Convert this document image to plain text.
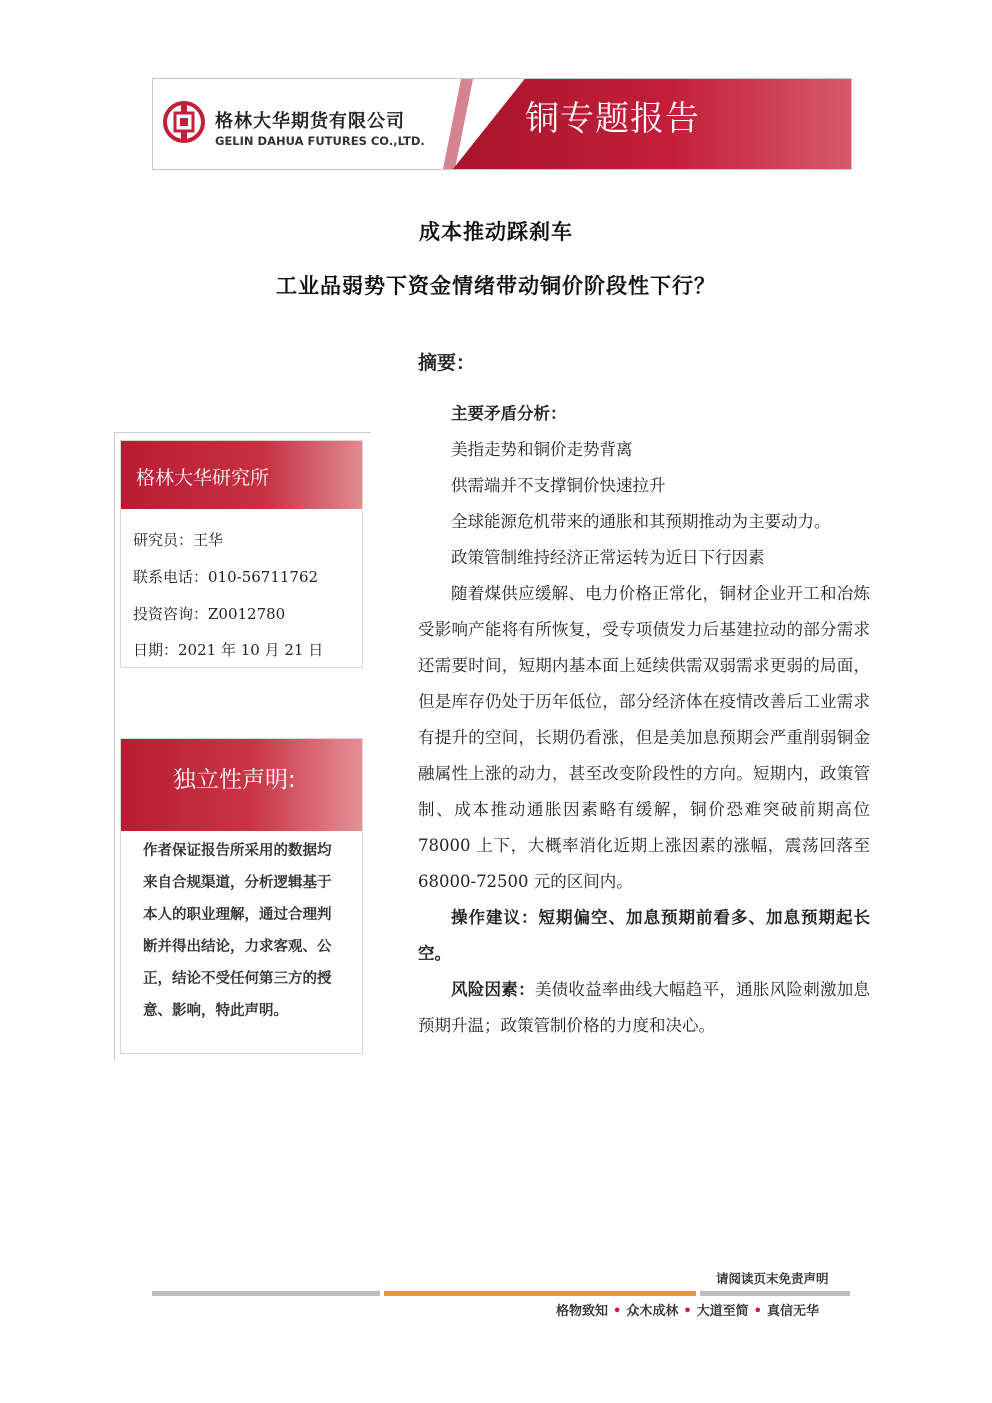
格林大华期货有限公司
GELIN DAHUA FUTURES CO.,LTD.
铜专题报告
成本推动踩刹车
工业品弱势下资金情绪带动铜价阶段性下行？
格林大华研究所
研究员：王华
联系电话：010-56711762
投资咨询：Z0012780
日期：2021 年 10 月 21 日
独立性声明:
作者保证报告所采用的数据均来自合规渠道，分析逻辑基于本人的职业理解，通过合理判断并得出结论，力求客观、公正，结论不受任何第三方的授意、影响，特此声明。
摘要：

主要矛盾分析：

美指走势和铜价走势背离

供需端并不支撑铜价快速拉升

全球能源危机带来的通胀和其预期推动为主要动力。

政策管制维持经济正常运转为近日下行因素

随着煤供应缓解、电力价格正常化，铜材企业开工和冶炼受影响产能将有所恢复，受专项债发力后基建拉动的部分需求还需要时间，短期内基本面上延续供需双弱需求更弱的局面，但是库存仍处于历年低位，部分经济体在疫情改善后工业需求有提升的空间，长期仍看涨，但是美加息预期会严重削弱铜金融属性上涨的动力，甚至改变阶段性的方向。短期内，政策管制、成本推动通胀因素略有缓解，铜价恐难突破前期高位 78000 上下，大概率消化近期上涨因素的涨幅，震荡回落至 68000-72500 元的区间内。

操作建议：短期偏空、加息预期前看多、加息预期起长空。

风险因素：美债收益率曲线大幅趋平，通胀风险刺激加息预期升温；政策管制价格的力度和决心。

请阅读页末免责声明
格物致知 • 众木成林 • 大道至简 • 真信无华
